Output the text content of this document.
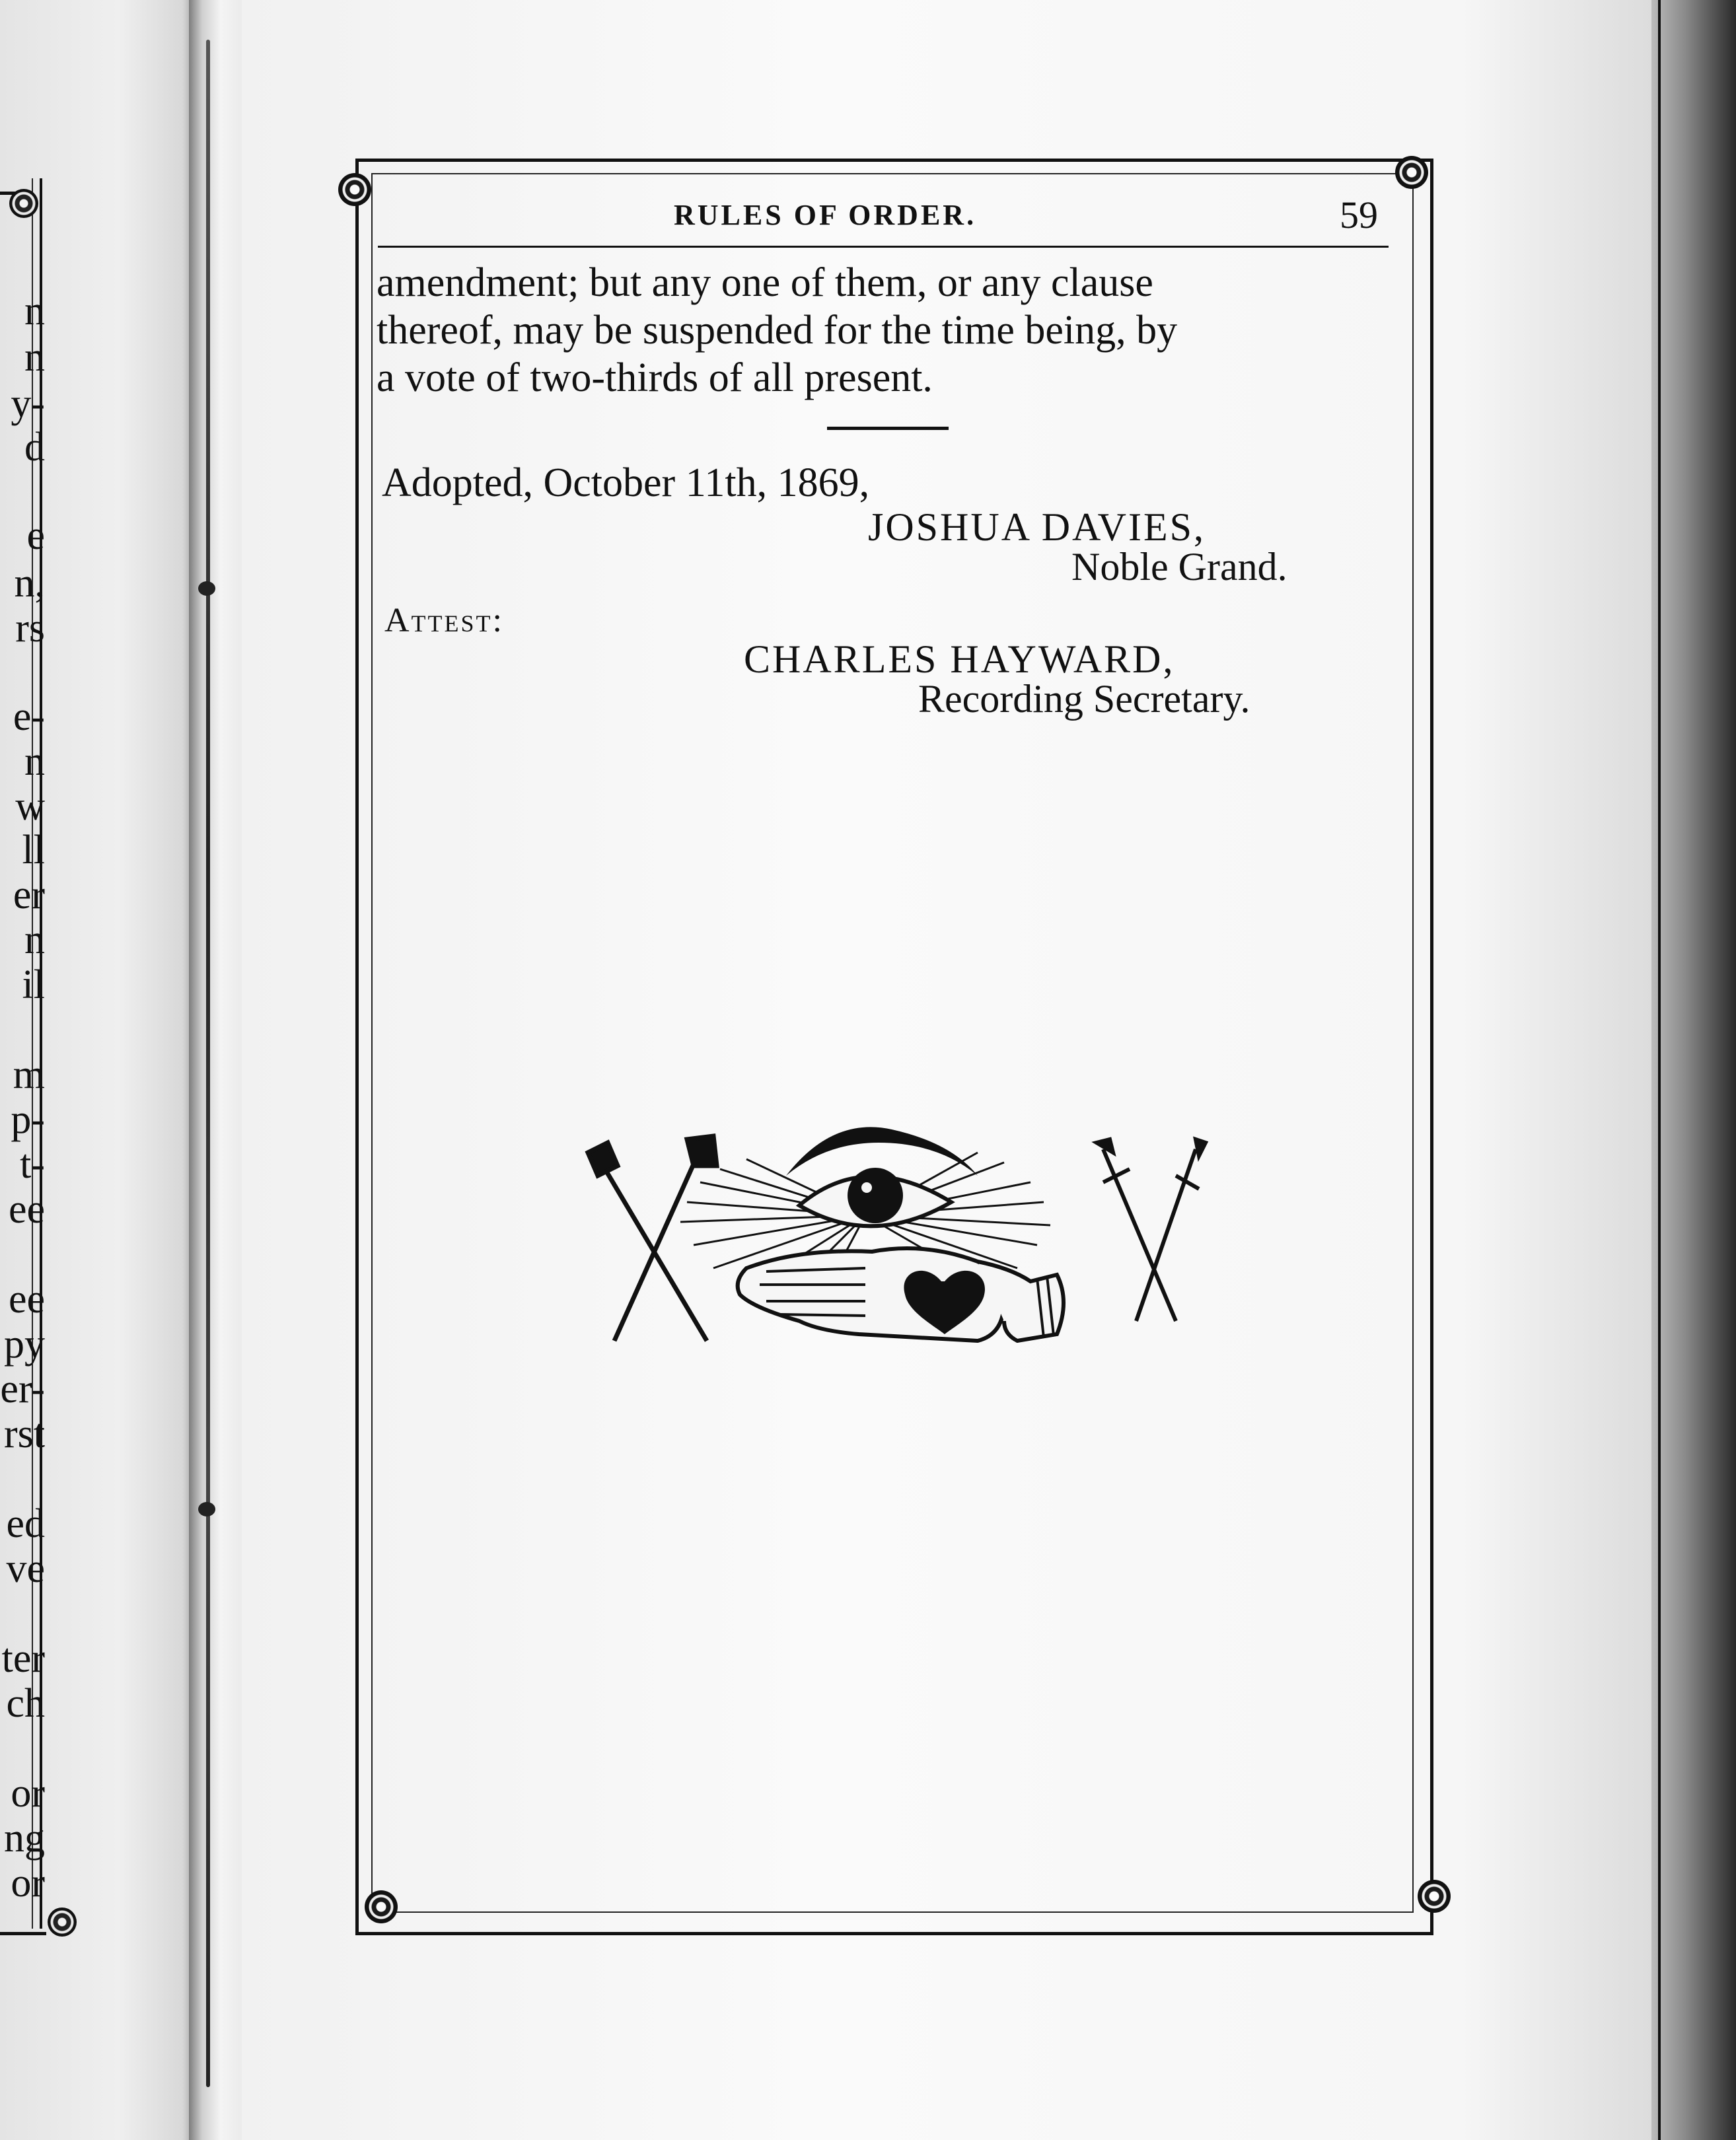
n
n
y-
d
e
n,
rs
e-
n
w
ll
er
n
il
m
p-
t-
ee
ee
py
er-
rst
ed
ve
ter
ch
or
ng
or
RULES OF ORDER.	59
amendment; but any one of them, or any clause
thereof, may be suspended for the time being, by
a vote of two-thirds of all present.
Adopted, October 11th, 1869,
JOSHUA DAVIES,
Noble Grand.
Attest:
CHARLES HAYWARD,
Recording Secretary.
